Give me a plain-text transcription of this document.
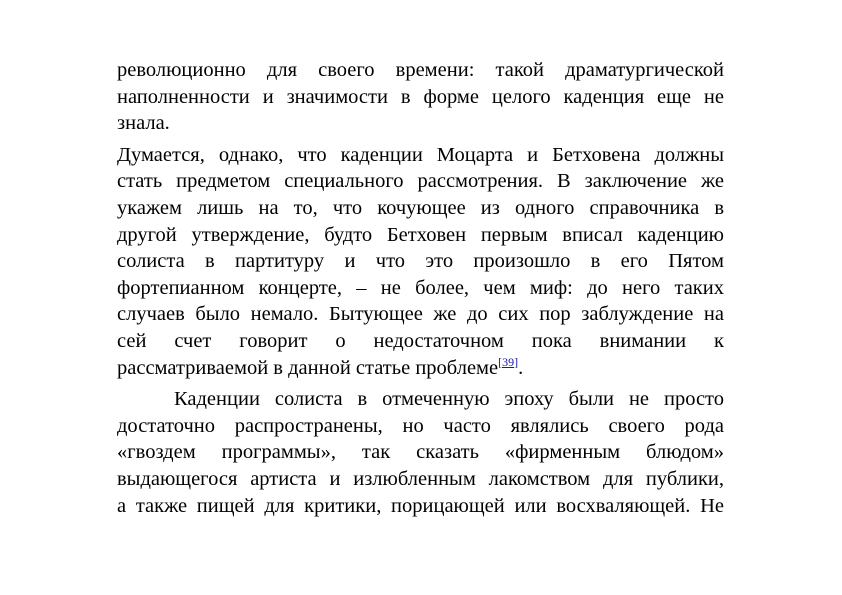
революционно для своего времени: такой драматургической
наполненности и значимости в форме целого каденция еще не
знала.

Думается, однако, что каденции Моцарта и Бетховена должны
стать предметом специального рассмотрения. В заключение же
укажем лишь на то, что кочующее из одного справочника в
другой утверждение, будто Бетховен первым вписал каденцию
солиста в партитуру и что это произошло в его Пятом
фортепианном концерте, – не более, чем миф: до него таких
случаев было немало. Бытующее же до сих пор заблуждение на
сей счет говорит о недостаточном пока внимании к
рассматриваемой в данной статье проблеме[39].

Каденции солиста в отмеченную эпоху были не просто
достаточно распространены, но часто являлись своего рода
«гвоздем программы», так сказать «фирменным блюдом»
выдающегося артиста и излюбленным лакомством для публики,
а также пищей для критики, порицающей или восхваляющей. Не
